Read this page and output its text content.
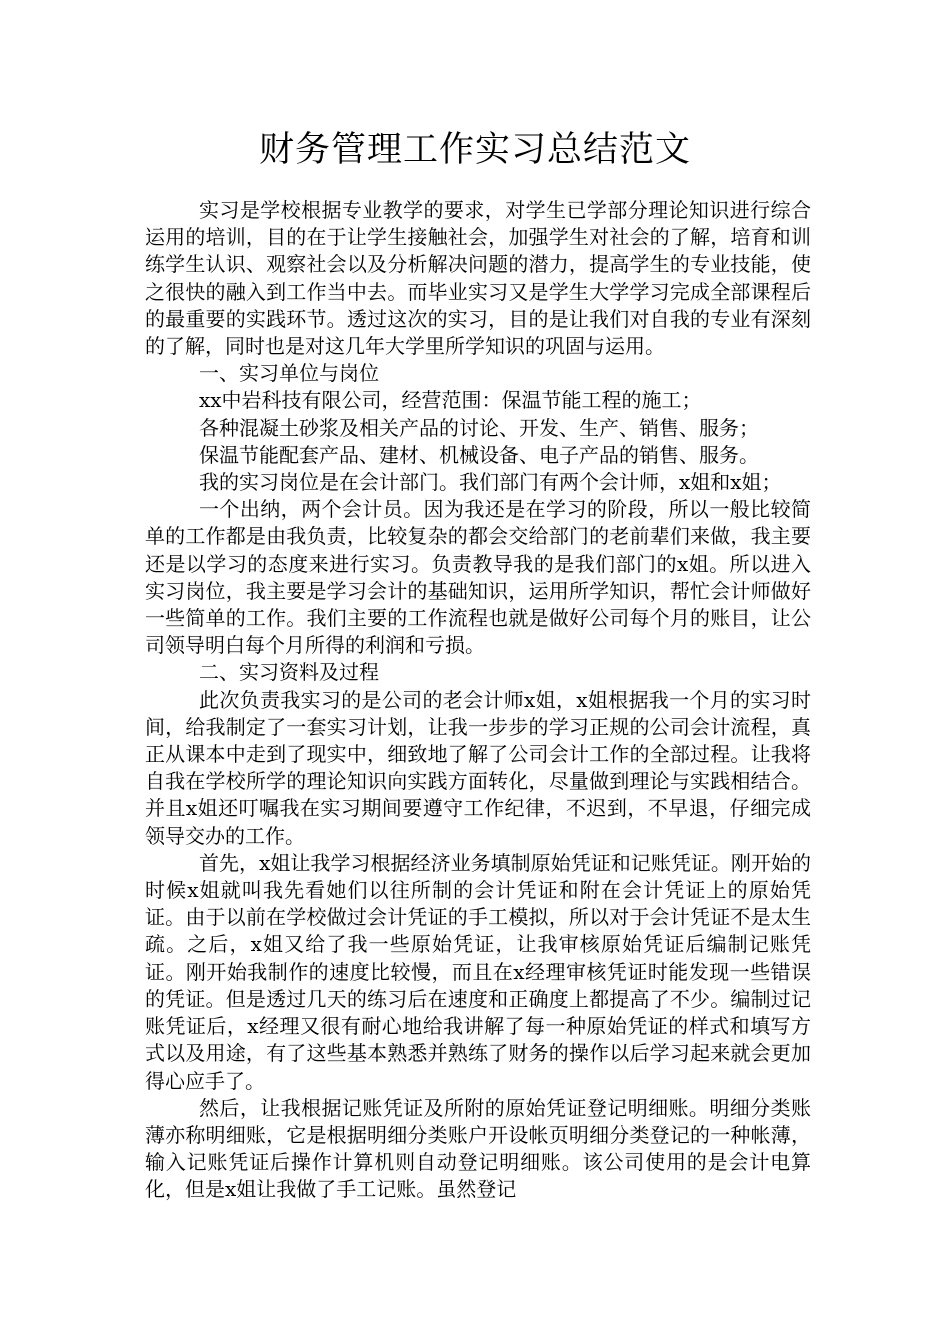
财务管理工作实习总结范文

实习是学校根据专业教学的要求，对学生已学部分理论知识进行综合运用的培训，目的在于让学生接触社会，加强学生对社会的了解，培育和训练学生认识、观察社会以及分析解决问题的潜力，提高学生的专业技能，使之很快的融入到工作当中去。而毕业实习又是学生大学学习完成全部课程后的最重要的实践环节。透过这次的实习，目的是让我们对自我的专业有深刻的了解，同时也是对这几年大学里所学知识的巩固与运用。

一、实习单位与岗位

xx中岩科技有限公司，经营范围：保温节能工程的施工；

各种混凝土砂浆及相关产品的讨论、开发、生产、销售、服务；

保温节能配套产品、建材、机械设备、电子产品的销售、服务。

我的实习岗位是在会计部门。我们部门有两个会计师，x姐和x姐；

一个出纳，两个会计员。因为我还是在学习的阶段，所以一般比较简单的工作都是由我负责，比较复杂的都会交给部门的老前辈们来做，我主要还是以学习的态度来进行实习。负责教导我的是我们部门的x姐。所以进入实习岗位，我主要是学习会计的基础知识，运用所学知识，帮忙会计师做好一些简单的工作。我们主要的工作流程也就是做好公司每个月的账目，让公司领导明白每个月所得的利润和亏损。

二、实习资料及过程

此次负责我实习的是公司的老会计师x姐，x姐根据我一个月的实习时间，给我制定了一套实习计划，让我一步步的学习正规的公司会计流程，真正从课本中走到了现实中，细致地了解了公司会计工作的全部过程。让我将自我在学校所学的理论知识向实践方面转化，尽量做到理论与实践相结合。并且x姐还叮嘱我在实习期间要遵守工作纪律，不迟到，不早退，仔细完成领导交办的工作。

首先，x姐让我学习根据经济业务填制原始凭证和记账凭证。刚开始的时候x姐就叫我先看她们以往所制的会计凭证和附在会计凭证上的原始凭证。由于以前在学校做过会计凭证的手工模拟，所以对于会计凭证不是太生疏。之后，x姐又给了我一些原始凭证，让我审核原始凭证后编制记账凭证。刚开始我制作的速度比较慢，而且在x经理审核凭证时能发现一些错误的凭证。但是透过几天的练习后在速度和正确度上都提高了不少。编制过记账凭证后，x经理又很有耐心地给我讲解了每一种原始凭证的样式和填写方式以及用途，有了这些基本熟悉并熟练了财务的操作以后学习起来就会更加得心应手了。

然后，让我根据记账凭证及所附的原始凭证登记明细账。明细分类账薄亦称明细账，它是根据明细分类账户开设帐页明细分类登记的一种帐薄，输入记账凭证后操作计算机则自动登记明细账。该公司使用的是会计电算化，但是x姐让我做了手工记账。虽然登记
